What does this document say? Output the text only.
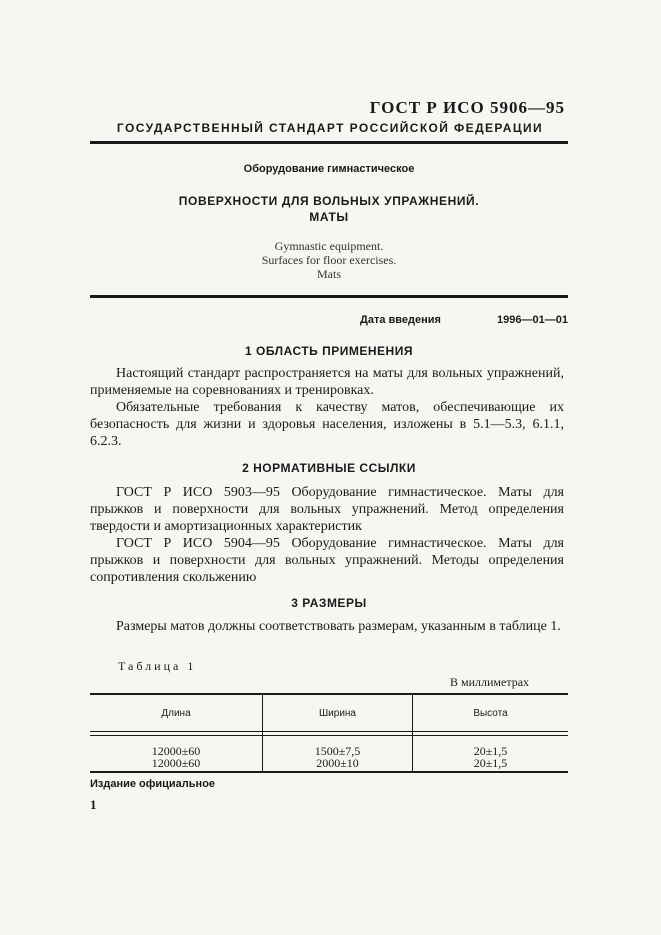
ГОСТ Р ИСО 5906—95
ГОСУДАРСТВЕННЫЙ СТАНДАРТ РОССИЙСКОЙ ФЕДЕРАЦИИ
Оборудование гимнастическое
ПОВЕРХНОСТИ ДЛЯ ВОЛЬНЫХ УПРАЖНЕНИЙ.
МАТЫ
Gymnastic equipment.
Surfaces for floor exercises.
Mats
Дата введения	1996—01—01
1 ОБЛАСТЬ ПРИМЕНЕНИЯ

Настоящий стандарт распространяется на маты для вольных упражнений, применяемые на соревнованиях и тренировках.

Обязательные требования к качеству матов, обеспечивающие их безопасность для жизни и здоровья населения, изложены в 5.1—5.3, 6.1.1, 6.2.3.

2 НОРМАТИВНЫЕ ССЫЛКИ

ГОСТ Р ИСО 5903—95 Оборудование гимнастическое. Маты для прыжков и поверхности для вольных упражнений. Метод определения твердости и амортизационных характеристик

ГОСТ Р ИСО 5904—95 Оборудование гимнастическое. Маты для прыжков и поверхности для вольных упражнений. Методы определения сопротивления скольжению

3 РАЗМЕРЫ

Размеры матов должны соответствовать размерам, указанным в таблице 1.

Таблица 1
В миллиметрах
Длина	Ширина	Высота
12000±60	1500±7,5	20±1,5
12000±60	2000±10	20±1,5
Издание официальное
1
